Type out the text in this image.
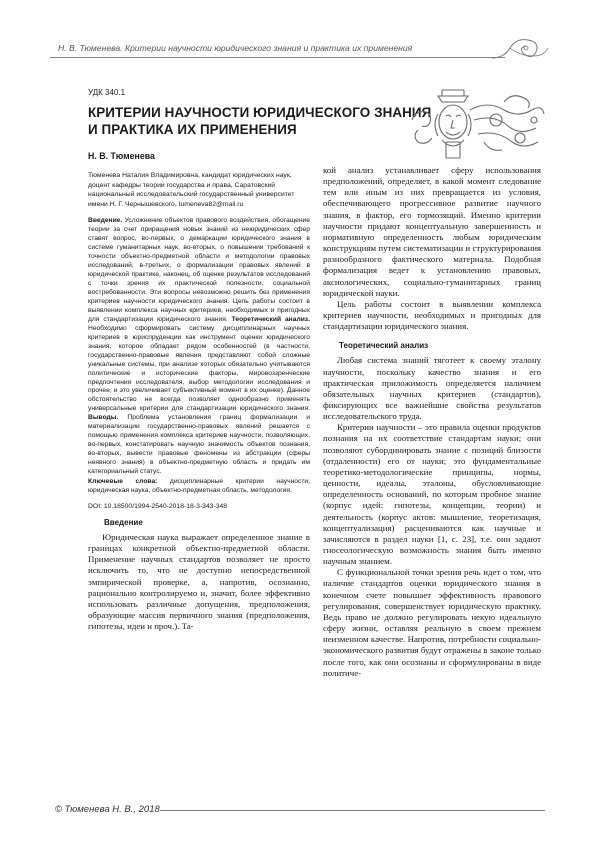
Н. В. Тюменева. Критерии научности юридического знания и практика их применения
УДК 340.1
КРИТЕРИИ НАУЧНОСТИ ЮРИДИЧЕСКОГО ЗНАНИЯ
И ПРАКТИКА ИХ ПРИМЕНЕНИЯ
Н. В. Тюменева
Тюменева Наталия Владимировна, кандидат юридических наук, доцент кафедры теории государства и права, Саратовский национальный исследовательский государственный университет имени Н. Г. Чернышевского, tumeneva82@mail.ru
Введение. Усложнение объектов правового воздействия, обогащение теории за счет приращения новых знаний из неюридических сфер ставят вопрос, во-первых, о демаркации юридического знания в системе гуманитарных наук, во-вторых, о повышении требований к точности объектно-предметной области и методологии правовых исследований, в-третьих, о формализации правовых явлений в юридической практике, наконец, об оценке результатов исследований с точки зрения их практической полезности, социальной востребованности. Эти вопросы невозможно решить без применения критериев научности юридического знания. Цель работы состоит в выявлении комплекса научных критериев, необходимых и пригодных для стандартизации юридического знания. Теоретический анализ. Необходимо сформировать систему дисциплинарных научных критериев в юриспруденции как инструмент оценки юридического знания, которое обладает рядом особенностей (в частности, государственно-правовые явления представляют собой сложные уникальные системы, при анализе которых обязательно учитываются политические и исторические факторы, мировоззренческие предпочтения исследователя, выбор методологии исследования и прочее, и это увеличивает субъективный момент в их оценке). Данное обстоятельство не всегда позволяет однообразно применять универсальные критерии для стандартизации юридического знания. Выводы. Проблема установления границ формализации и материализации государственно-правовых явлений решается с помощью применения комплекса критериев научности, позволяющих, во-первых, констатировать научную значимость объектов познания, во-вторых, вывести правовые феномены из абстракции (сферы неявного знания) в объектно-предметную область и придать им категориальный статус.
Ключевые слова: дисциплинарные критерии научности, юридическая наука, объектно-предметная область, методология.
DOI: 10.18500/1994-2540-2018-18-3-343-348
Введение

Юридическая наука выражает определенное знание в границах конкретной объектно-предметной области. Применение научных стандартов позволяет не просто исключить то, что не доступно непосредственной эмпирической проверке, а, напротив, осознанно, рационально контролируемо и, значит, более эффективно использовать различные допущения, предположения, образующие массив первичного знания (предположения, гипотезы, идеи и проч.). Та-

кой анализ устанавливает сферу использования предположений, определяет, в какой момент следование тем или иным из них превращается из условия, обеспечивающего прогрессивное развитие научного знания, в фактор, его тормозящий. Именно критерии научности придают концептуальную завершенность и нормативную определенность любым юридическим конструкциям путем систематизации и структурирования разнообразного фактического материала. Подобная формализация ведет к установлению правовых, аксиологических, социально-гуманитарных границ юридической науки.

Цель работы состоит в выявлении комплекса критериев научности, необходимых и пригодных для стандартизации юридического знания.

Теоретический анализ

Любая система знаний тяготеет к своему эталону научности, поскольку качество знания и его практическая приложимость определяется наличием обязательных научных критериев (стандартов), фиксирующих все важнейшие свойства результатов исследовательского труда.

Критерии научности – это правила оценки продуктов познания на их соответствие стандартам науки; они позволяют субординировать знание с позиций близости (отдаленности) его от науки; это фундаментальные теоретико-методологические принципы, нормы, ценности, идеалы, эталоны, обусловливающие определенность оснований, по которым пробное знание (корпус идей: гипотезы, концепции, теории) и деятельность (корпус актов: мышление, теоретизация, концептуализация) расцениваются как научные и зачисляются в раздел науки [1, с. 23], т.е. они задают гносеологическую возможность знания быть именно научным знанием.

С функциональной точки зрения речь идет о том, что наличие стандартов оценки юридического знания в конечном счете повышает эффективность правового регулирования, совершенствует юридическую практику. Ведь право не должно регулировать некую идеальную сферу жизни, оставляя реальную в своем прежнем неизменном качестве. Напротив, потребности социально-экономического развития будут отражены в законе только после того, как они осознаны и сформулированы в виде политиче-

© Тюменева Н. В., 2018
